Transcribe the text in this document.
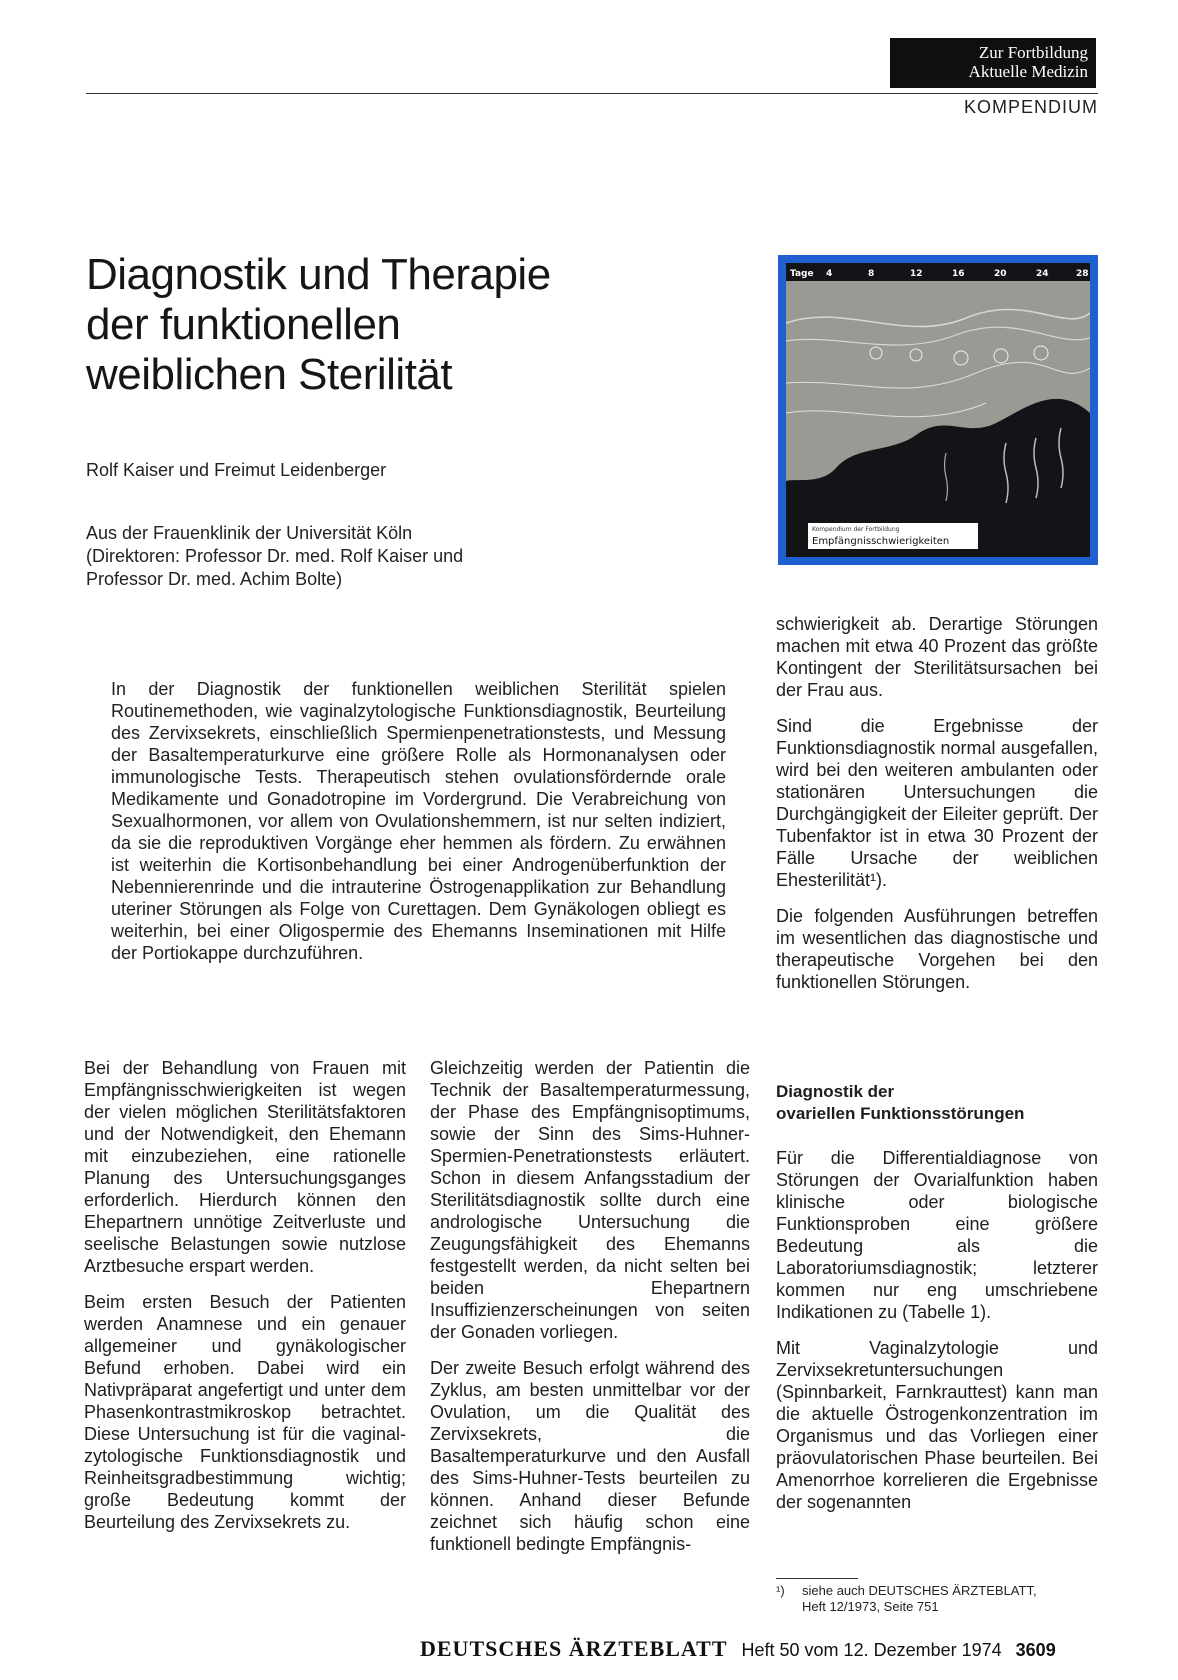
Zur Fortbildung
Aktuelle Medizin
KOMPENDIUM
Diagnostik und Therapie
der funktionellen
weiblichen Sterilität
Rolf Kaiser und Freimut Leidenberger
Aus der Frauenklinik der Universität Köln
(Direktoren: Professor Dr. med. Rolf Kaiser und
Professor Dr. med. Achim Bolte)
Tage 4	8	12	16	20	24	28
Kompendium der Fortbildung
Empfängnisschwierigkeiten
In der Diagnostik der funktionellen weiblichen Sterilität spielen Routinemethoden, wie vaginalzytologische Funktionsdiagnostik, Beurteilung des Zervixsekrets, einschließlich Spermienpenetrationstests, und Messung der Basaltemperaturkurve eine größere Rolle als Hormonanalysen oder immunologische Tests. Therapeutisch stehen ovulationsfördernde orale Medikamente und Gonadotropine im Vordergrund. Die Verabreichung von Sexualhormonen, vor allem von Ovulationshemmern, ist nur selten indiziert, da sie die reproduktiven Vorgänge eher hemmen als fördern. Zu erwähnen ist weiterhin die Kortisonbehandlung bei einer Androgenüberfunktion der Nebennierenrinde und die intrauterine Östrogenapplikation zur Behandlung uteriner Störungen als Folge von Curettagen. Dem Gynäkologen obliegt es weiterhin, bei einer Oligospermie des Ehemanns Inseminationen mit Hilfe der Portiokappe durchzuführen.

Bei der Behandlung von Frauen mit Empfängnisschwierigkeiten ist wegen der vielen möglichen Sterilitätsfaktoren und der Notwendigkeit, den Ehemann mit einzubeziehen, eine rationelle Planung des Untersuchungsganges erforderlich. Hierdurch können den Ehepartnern unnötige Zeitverluste und seelische Belastungen sowie nutzlose Arztbesuche erspart werden.

Beim ersten Besuch der Patienten werden Anamnese und ein genauer allgemeiner und gynäkologischer Befund erhoben. Dabei wird ein Nativpräparat angefertigt und unter dem Phasenkontrastmikroskop betrachtet. Diese Untersuchung ist für die vaginal-zytologische Funktionsdiagnostik und Reinheitsgradbestimmung wichtig; große Bedeutung kommt der Beurteilung des Zervixsekrets zu.

Gleichzeitig werden der Patientin die Technik der Basaltemperaturmessung, der Phase des Empfängnisoptimums, sowie der Sinn des Sims-Huhner-Spermien-Penetrationstests erläutert. Schon in diesem Anfangsstadium der Sterilitätsdiagnostik sollte durch eine andrologische Untersuchung die Zeugungsfähigkeit des Ehemanns festgestellt werden, da nicht selten bei beiden Ehepartnern Insuffizienzerscheinungen von seiten der Gonaden vorliegen.

Der zweite Besuch erfolgt während des Zyklus, am besten unmittelbar vor der Ovulation, um die Qualität des Zervixsekrets, die Basaltemperaturkurve und den Ausfall des Sims-Huhner-Tests beurteilen zu können. Anhand dieser Befunde zeichnet sich häufig schon eine funktionell bedingte Empfängnis-

schwierigkeit ab. Derartige Störungen machen mit etwa 40 Prozent das größte Kontingent der Sterilitätsursachen bei der Frau aus.

Sind die Ergebnisse der Funktionsdiagnostik normal ausgefallen, wird bei den weiteren ambulanten oder stationären Untersuchungen die Durchgängigkeit der Eileiter geprüft. Der Tubenfaktor ist in etwa 30 Prozent der Fälle Ursache der weiblichen Ehesterilität¹).

Die folgenden Ausführungen betreffen im wesentlichen das diagnostische und therapeutische Vorgehen bei den funktionellen Störungen.

Diagnostik der
ovariellen Funktionsstörungen

Für die Differentialdiagnose von Störungen der Ovarialfunktion haben klinische oder biologische Funktionsproben eine größere Bedeutung als die Laboratoriumsdiagnostik; letzterer kommen nur eng umschriebene Indikationen zu (Tabelle 1).

Mit Vaginalzytologie und Zervixsekretuntersuchungen (Spinnbarkeit, Farnkrauttest) kann man die aktuelle Östrogenkonzentration im Organismus und das Vorliegen einer präovulatorischen Phase beurteilen. Bei Amenorrhoe korrelieren die Ergebnisse der sogenannten

¹) siehe auch DEUTSCHES ÄRZTEBLATT,
Heft 12/1973, Seite 751
DEUTSCHES ÄRZTEBLATT Heft 50 vom 12. Dezember 1974 3609
